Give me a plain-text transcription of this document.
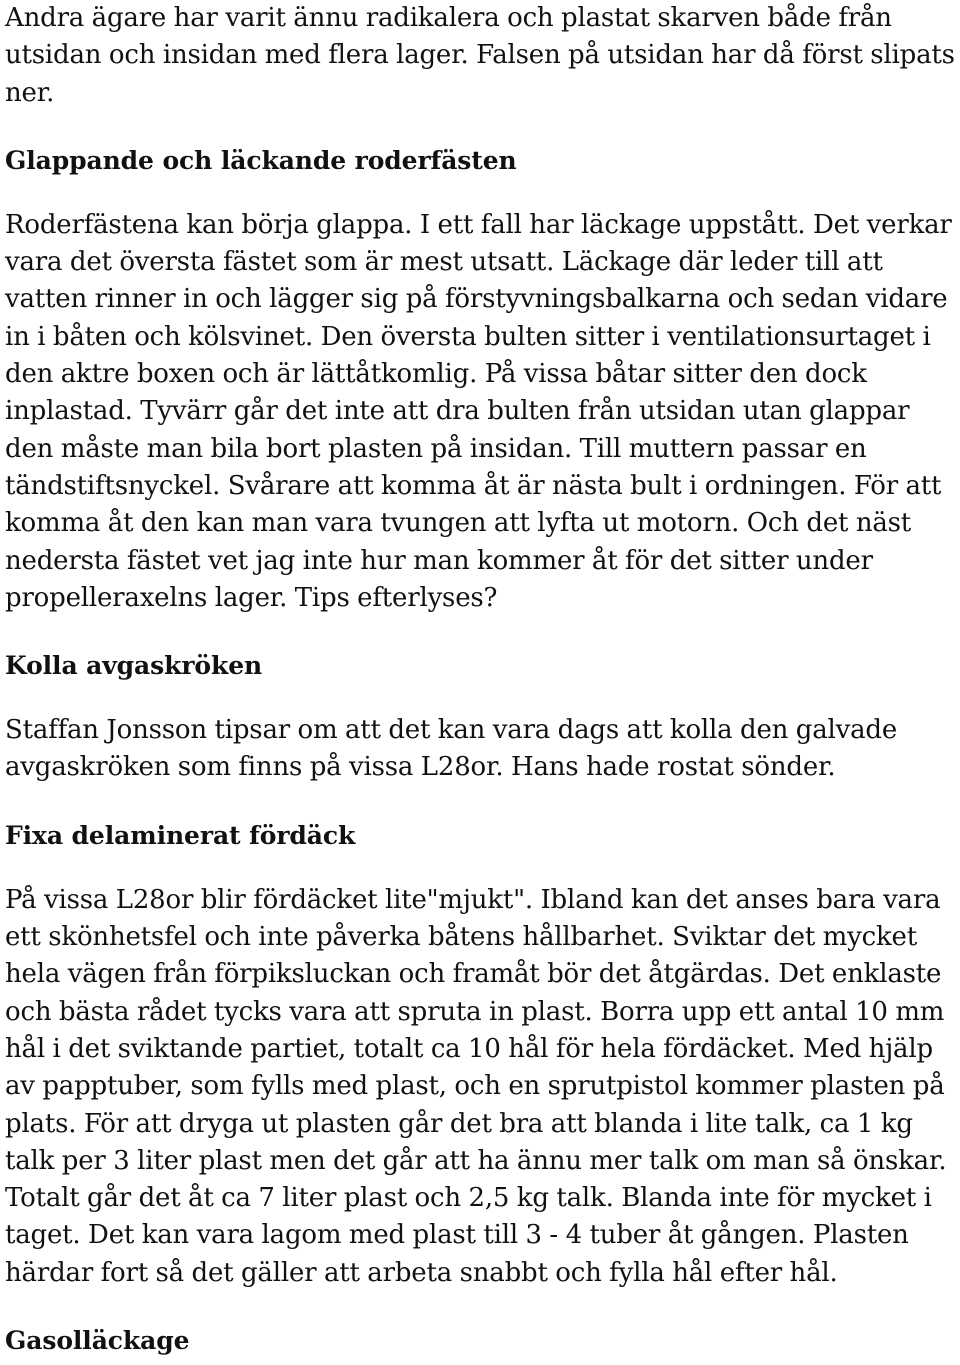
Andra ägare har varit ännu radikalera och plastat skarven både från utsidan och insidan med flera lager. Falsen på utsidan har då först slipats ner.

Glappande och läckande roderfästen

Roderfästena kan börja glappa. I ett fall har läckage uppstått. Det verkar vara det översta fästet som är mest utsatt. Läckage där leder till att vatten rinner in och lägger sig på förstyvningsbalkarna och sedan vidare in i båten och kölsvinet. Den översta bulten sitter i ventilationsurtaget i den aktre boxen och är lättåtkomlig. På vissa båtar sitter den dock inplastad. Tyvärr går det inte att dra bulten från utsidan utan glappar den måste man bila bort plasten på insidan. Till muttern passar en tändstiftsnyckel. Svårare att komma åt är nästa bult i ordningen. För att komma åt den kan man vara tvungen att lyfta ut motorn. Och det näst nedersta fästet vet jag inte hur man kommer åt för det sitter under propelleraxelns lager. Tips efterlyses?

Kolla avgaskröken

Staffan Jonsson tipsar om att det kan vara dags att kolla den galvade avgaskröken som finns på vissa L28or. Hans hade rostat sönder.

Fixa delaminerat fördäck

På vissa L28or blir fördäcket lite"mjukt". Ibland kan det anses bara vara ett skönhetsfel och inte påverka båtens hållbarhet. Sviktar det mycket hela vägen från förpiksluckan och framåt bör det åtgärdas. Det enklaste och bästa rådet tycks vara att spruta in plast. Borra upp ett antal 10 mm hål i det sviktande partiet, totalt ca 10 hål för hela fördäcket. Med hjälp av papptuber, som fylls med plast, och en sprutpistol kommer plasten på plats. För att dryga ut plasten går det bra att blanda i lite talk, ca 1 kg talk per 3 liter plast men det går att ha ännu mer talk om man så önskar. Totalt går det åt ca 7 liter plast och 2,5 kg talk. Blanda inte för mycket i taget. Det kan vara lagom med plast till 3 - 4 tuber åt gången. Plasten härdar fort så det gäller att arbeta snabbt och fylla hål efter hål.

Gasolläckage
